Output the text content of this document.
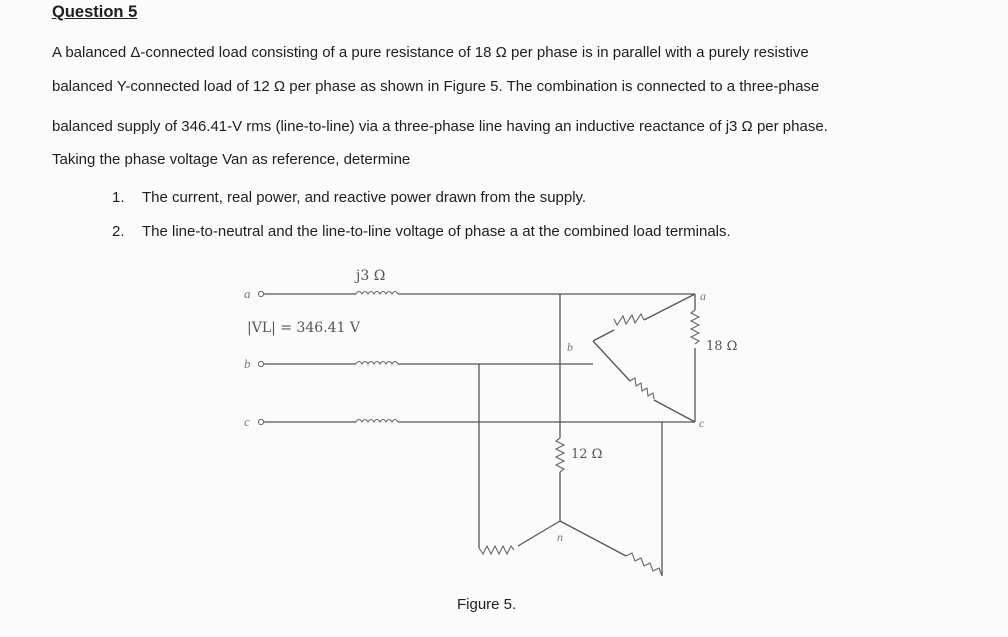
Question 5
A balanced Δ-connected load consisting of a pure resistance of 18 Ω per phase is in parallel with a purely resistive
balanced Y-connected load of 12 Ω per phase as shown in Figure 5. The combination is connected to a three-phase
balanced supply of 346.41-V rms (line-to-line) via a three-phase line having an inductive reactance of j3 Ω per phase.
Taking the phase voltage Van as reference, determine
1. The current, real power, and reactive power drawn from the supply.
2. The line-to-neutral and the line-to-line voltage of phase a at the combined load terminals.
j3 Ω
|VL| = 346.41 V
a
b
c
a
b
c
18 Ω
12 Ω
n
Figure 5.
